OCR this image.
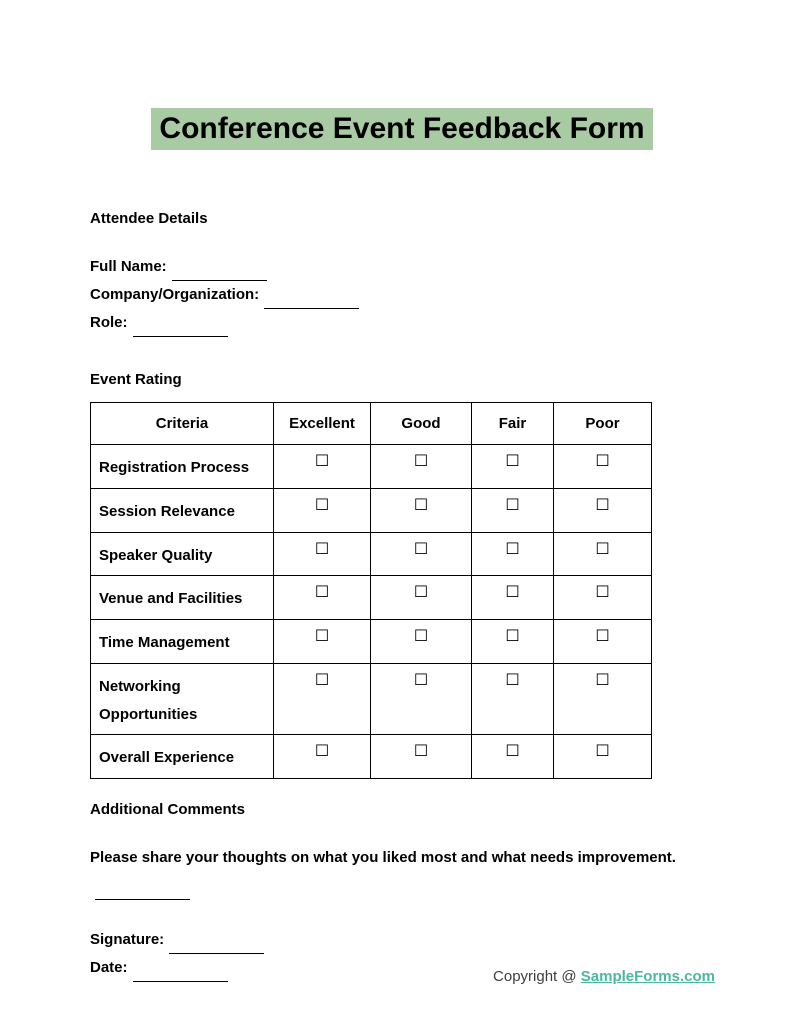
Conference Event Feedback Form
Attendee Details
Full Name:
Company/Organization:
Role:
Event Rating
Criteria	Excellent	Good	Fair	Poor
Registration Process	☐	☐	☐	☐
Session Relevance	☐	☐	☐	☐
Speaker Quality	☐	☐	☐	☐
Venue and Facilities	☐	☐	☐	☐
Time Management	☐	☐	☐	☐
Networking Opportunities	☐	☐	☐	☐
Overall Experience	☐	☐	☐	☐
Additional Comments

Please share your thoughts on what you liked most and what needs improvement.

Signature:
Date:
Copyright @ SampleForms.com
